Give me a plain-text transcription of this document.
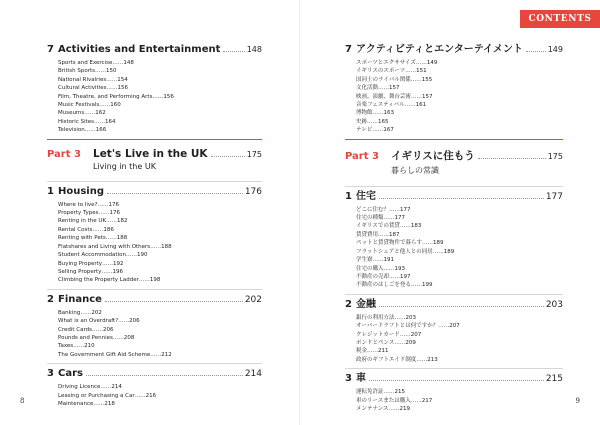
CONTENTS
7 Activities and Entertainment	148
Sports and Exercise……148
British Sports……150
National Rivalries……154
Cultural Activities……156
Film, Theatre, and Performing Arts……156
Music Festivals……160
Museums……162
Historic Sites……164
Television……166
Part 3	Let's Live in the UK	175
Living in the UK
1 Housing	176
Where to live?……176
Property Types……176
Renting in the UK……182
Rental Costs……186
Renting with Pets……188
Flatshares and Living with Others……188
Student Accommodation……190
Buying Property……192
Selling Property……196
Climbing the Property Ladder……198
2 Finance	202
Banking……202
What is an Overdraft?……206
Credit Cards……206
Pounds and Pennies……208
Taxes……210
The Government Gift Aid Scheme……212
3 Cars	214
Driving Licence……214
Leasing or Purchasing a Car……216
Maintenance……218
8
7 アクティビティとエンターテイメント	149
スポーツとエクササイズ……149
イギリスのスポーツ……151
国同士のライバル関係……155
文化活動……157
映画、演劇、舞台芸術……157
音楽フェスティバル……161
博物館……163
史跡……165
テレビ……167
Part 3	イギリスに住もう	175
暮らしの常識
1 住宅	177
どこに住む？……177
住宅の種類……177
イギリスでの賃貸……183
賃貸費用……187
ペットと賃貸物件で暮らす……189
フラットシェアと他人との同居……189
学生寮……191
住宅の購入……193
不動産の売却……197
不動産のはしごを登る……199
2 金融	203
銀行の利用方法……203
オーバードラフトとは何ですか？……207
クレジットカード……207
ポンドとペンス……209
税金……211
政府のギフトエイド制度……213
3 車	215
運転免許証……215
車のリースまたは購入……217
メンテナンス……219
9
